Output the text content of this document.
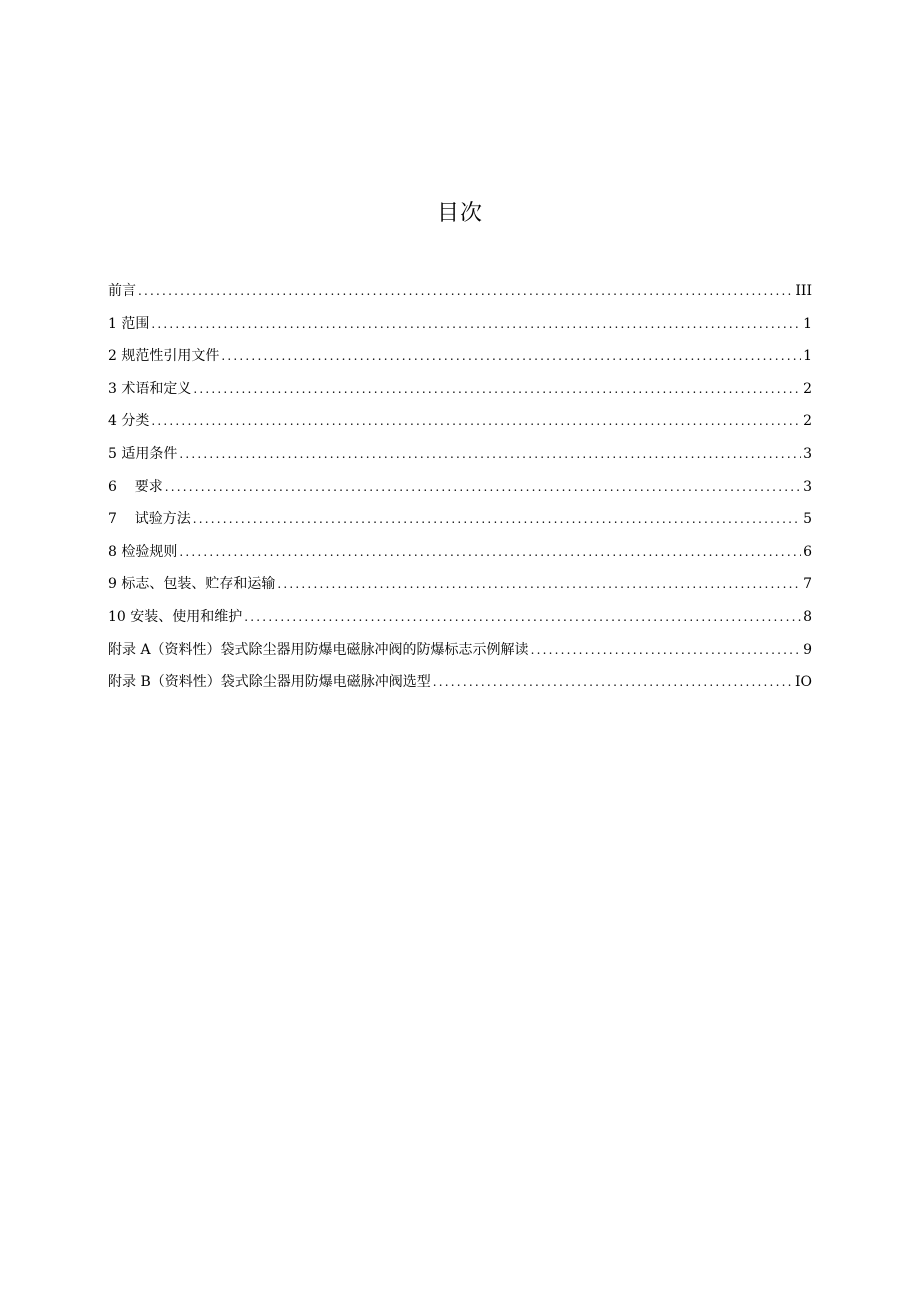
目次
前言 .....	III
1 范围 .....	1
2 规范性引用文件 .....	1
3 术语和定义 .....	2
4 分类 .....	2
5 适用条件 .....	3
6    要求 .....	3
7    试验方法 .....	5
8 检验规则 .....	6
9 标志、包装、贮存和运输 .....	7
10 安装、使用和维护 .....	8
附录 A（资料性）袋式除尘器用防爆电磁脉冲阀的防爆标志示例解读 .....	9
附录 B（资料性）袋式除尘器用防爆电磁脉冲阀选型 .....	IO
